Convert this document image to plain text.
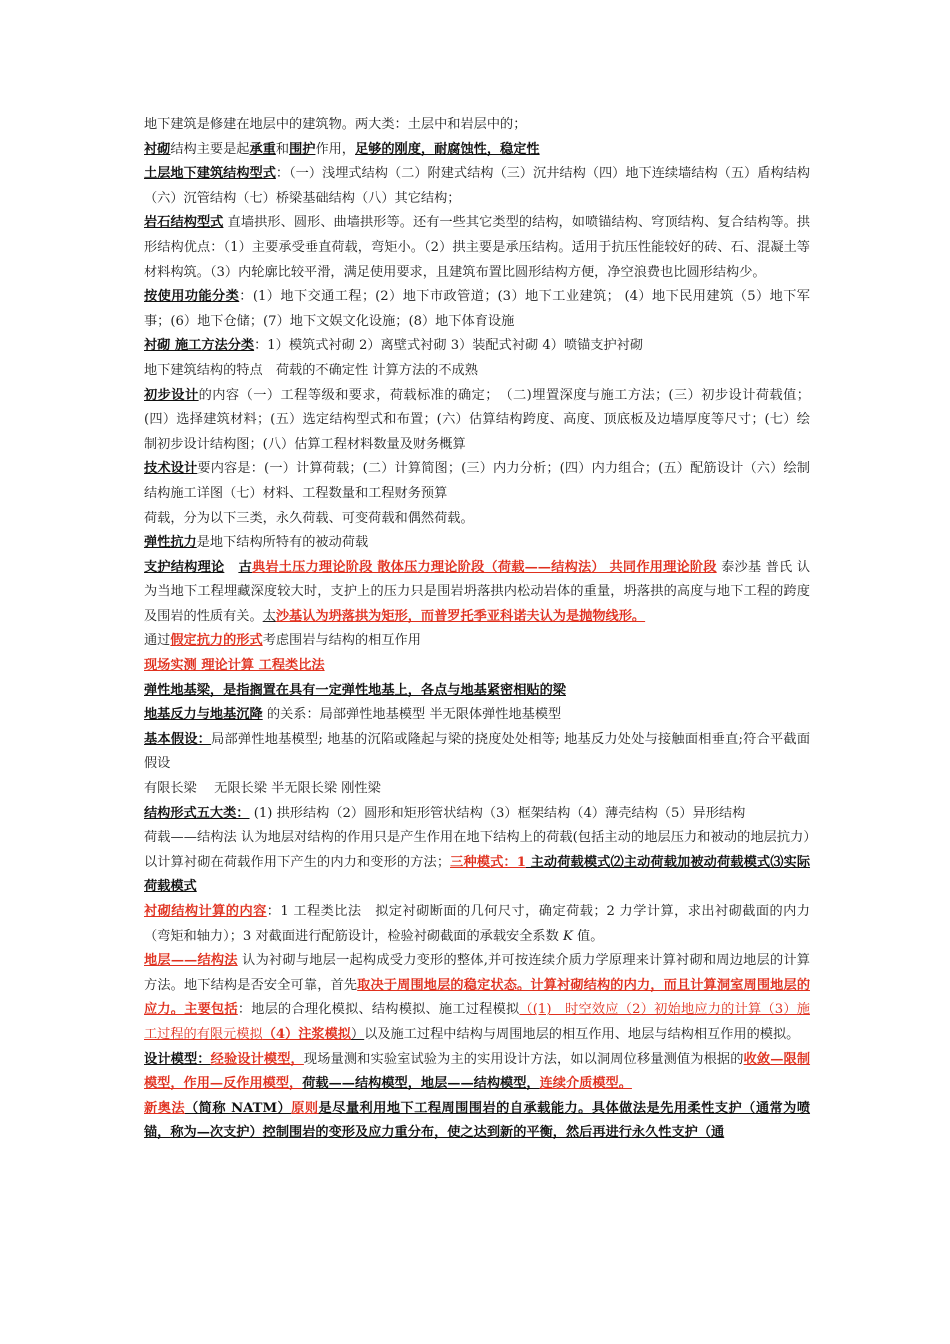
地下建筑是修建在地层中的建筑物。两大类：土层中和岩层中的；

衬砌结构主要是起承重和围护作用，足够的刚度，耐腐蚀性，稳定性

土层地下建筑结构型式：（一）浅埋式结构（二）附建式结构（三）沉井结构（四）地下连续墙结构（五）盾构结构（六）沉管结构（七）桥梁基础结构（八）其它结构；

岩石结构型式 直墙拱形、圆形、曲墙拱形等。还有一些其它类型的结构，如喷锚结构、穹顶结构、复合结构等。拱形结构优点：（1）主要承受垂直荷载，弯矩小。（2）拱主要是承压结构。适用于抗压性能较好的砖、石、混凝土等材料构筑。（3）内轮廓比较平滑，满足使用要求，且建筑布置比圆形结构方便，净空浪费也比圆形结构少。

按使用功能分类：(1）地下交通工程；(2）地下市政管道；(3）地下工业建筑； (4）地下民用建筑（5）地下军事；(6）地下仓储；(7）地下文娱文化设施；(8）地下体育设施

衬砌 施工方法分类：1）模筑式衬砌 2）离壁式衬砌 3）装配式衬砌 4）喷锚支护衬砌

地下建筑结构的特点　荷载的不确定性 计算方法的不成熟

初步设计的内容（一）工程等级和要求，荷载标准的确定；　（二)埋置深度与施工方法；(三）初步设计荷载值；(四）选择建筑材料；(五）选定结构型式和布置；(六）估算结构跨度、高度、顶底板及边墙厚度等尺寸；(七）绘制初步设计结构图；(八）估算工程材料数量及财务概算

技术设计要内容是：(一）计算荷载；(二）计算简图；(三）内力分析；(四）内力组合；(五）配筋设计（六）绘制结构施工详图（七）材料、工程数量和工程财务预算

荷载，分为以下三类，永久荷载、可变荷载和偶然荷载。

弹性抗力是地下结构所特有的被动荷载

支护结构理论 古典岩土压力理论阶段 散体压力理论阶段（荷载——结构法） 共同作用理论阶段 泰沙基 普氏 认为当地下工程埋藏深度较大时，支护上的压力只是围岩坍落拱内松动岩体的重量，坍落拱的高度与地下工程的跨度及围岩的性质有关。太沙基认为坍落拱为矩形，而普罗托季亚科诺夫认为是抛物线形。

通过假定抗力的形式考虑围岩与结构的相互作用

现场实测 理论计算 工程类比法

弹性地基梁，是指搁置在具有一定弹性地基上，各点与地基紧密相贴的梁

地基反力与地基沉降 的关系：局部弹性地基模型 半无限体弹性地基模型

基本假设：局部弹性地基模型; 地基的沉陷或隆起与梁的挠度处处相等; 地基反力处处与接触面相垂直;符合平截面假设

有限长梁　 无限长梁 半无限长梁 刚性梁

结构形式五大类： (1) 拱形结构（2）圆形和矩形管状结构（3）框架结构（4）薄壳结构（5）异形结构
荷载——结构法 认为地层对结构的作用只是产生作用在地下结构上的荷载(包括主动的地层压力和被动的地层抗力）以计算衬砌在荷载作用下产生的内力和变形的方法；三种模式：1 主动荷载模式⑵主动荷载加被动荷载模式⑶实际荷载模式

衬砌结构计算的内容：1 工程类比法　拟定衬砌断面的几何尺寸，确定荷载；2 力学计算，求出衬砌截面的内力（弯矩和轴力）；3 对截面进行配筋设计，检验衬砌截面的承载安全系数 K 值。

地层——结构法 认为衬砌与地层一起构成受力变形的整体,并可按连续介质力学原理来计算衬砌和周边地层的计算方法。地下结构是否安全可靠，首先取决于周围地层的稳定状态。计算衬砌结构的内力，而且计算洞室周围地层的应力。主要包括：地层的合理化模拟、结构模拟、施工过程模拟（(1)　时空效应（2）初始地应力的计算（3）施工过程的有限元模拟（4）注浆模拟）以及施工过程中结构与周围地层的相互作用、地层与结构相互作用的模拟。

设计模型：经验设计模型，现场量测和实验室试验为主的实用设计方法，如以洞周位移量测值为根据的收敛—限制模型，作用—反作用模型，荷载——结构模型，地层——结构模型，连续介质模型。

新奥法（简称 NATM）原则是尽量利用地下工程周围围岩的自承载能力。具体做法是先用柔性支护（通常为喷锚，称为—次支护）控制围岩的变形及应力重分布，使之达到新的平衡，然后再进行永久性支护（通
